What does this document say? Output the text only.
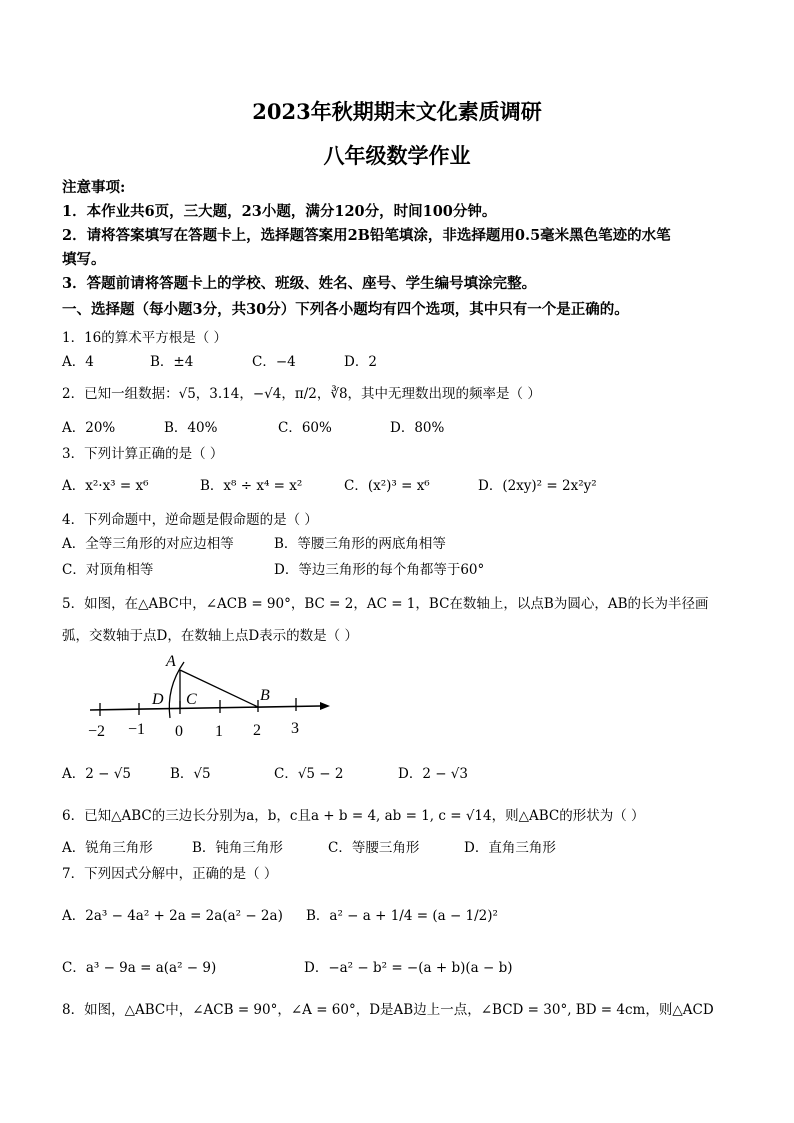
2023年秋期期末文化素质调研
八年级数学作业
注意事项:
1．本作业共6页，三大题，23小题，满分120分，时间100分钟。
2．请将答案填写在答题卡上，选择题答案用2B铅笔填涂，非选择题用0.5毫米黑色笔迹的水笔
填写。
3．答题前请将答题卡上的学校、班级、姓名、座号、学生编号填涂完整。
一、选择题（每小题3分，共30分）下列各小题均有四个选项，其中只有一个是正确的。
1．16的算术平方根是（ ）
A．4	B．±4	C．−4	D．2
2．已知一组数据：√5，3.14，−√4，π/2，∛8，其中无理数出现的频率是（ ）
A．20%	B．40%	C．60%	D．80%
3．下列计算正确的是（ ）
A．x²·x³ = x⁶	B．x⁸ ÷ x⁴ = x²	C．(x²)³ = x⁶	D．(2xy)² = 2x²y²
4．下列命题中，逆命题是假命题的是（ ）
A．全等三角形的对应边相等	B．等腰三角形的两底角相等
C．对顶角相等	D．等边三角形的每个角都等于60°
5．如图，在△ABC中，∠ACB = 90°，BC = 2，AC = 1，BC在数轴上，以点B为圆心，AB的长为半径画
弧，交数轴于点D，在数轴上点D表示的数是（ ）
A
D C	B
−2 −1 0 1 2 3
A．2 − √5	B．√5	C．√5 − 2	D．2 − √3
6．已知△ABC的三边长分别为a，b，c且a + b = 4, ab = 1, c = √14，则△ABC的形状为（ ）
A．锐角三角形	B．钝角三角形	C．等腰三角形	D．直角三角形
7．下列因式分解中，正确的是（ ）
A．2a³ − 4a² + 2a = 2a(a² − 2a) B．a² − a + 1/4 = (a − 1/2)²
C．a³ − 9a = a(a² − 9)	D．−a² − b² = −(a + b)(a − b)
8．如图，△ABC中，∠ACB = 90°，∠A = 60°，D是AB边上一点，∠BCD = 30°, BD = 4cm，则△ACD
